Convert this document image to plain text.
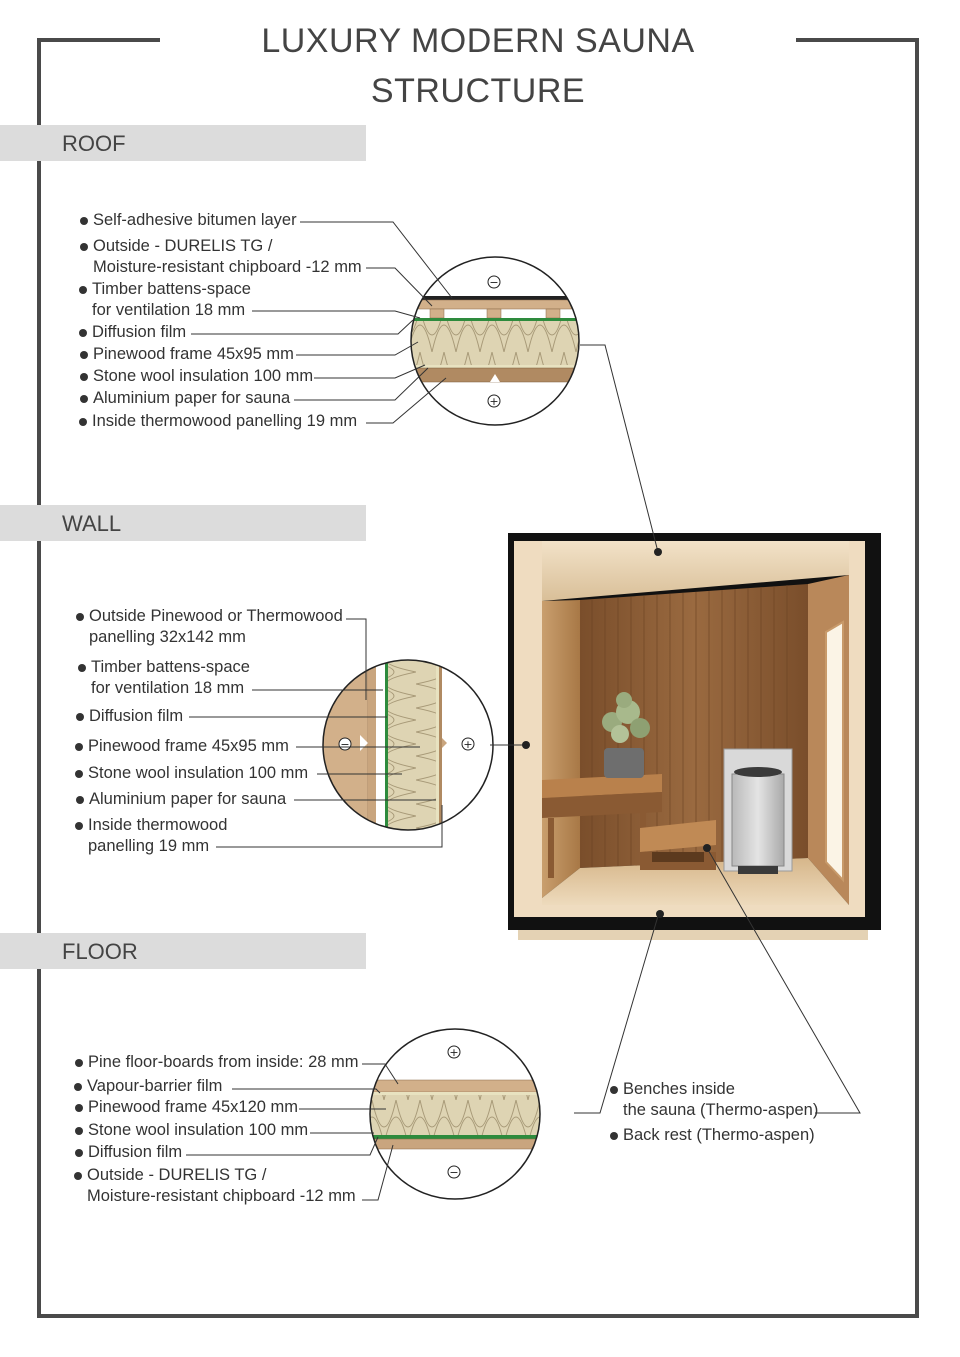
LUXURY MODERN SAUNA STRUCTURE
ROOF
WALL
FLOOR
Self-adhesive bitumen layer
Outside - DURELIS TG /
Moisture-resistant chipboard -12 mm
Timber battens-space
for ventilation 18 mm
Diffusion film
Pinewood frame 45x95 mm
Stone wool insulation 100 mm
Aluminium paper for sauna
Inside thermowood panelling 19 mm
Outside Pinewood or Thermowood
panelling 32x142 mm
Timber battens-space
for ventilation 18 mm
Diffusion film
Pinewood frame 45x95 mm
Stone wool insulation 100 mm
Aluminium paper for sauna
Inside thermowood
panelling 19 mm
Pine floor-boards from inside: 28 mm
Vapour-barrier film
Pinewood frame 45x120 mm
Stone wool insulation 100 mm
Diffusion film
Outside - DURELIS TG /
Moisture-resistant chipboard -12 mm
Benches inside
the sauna (Thermo-aspen)
Back rest (Thermo-aspen)
−
+
−	+
+
−
